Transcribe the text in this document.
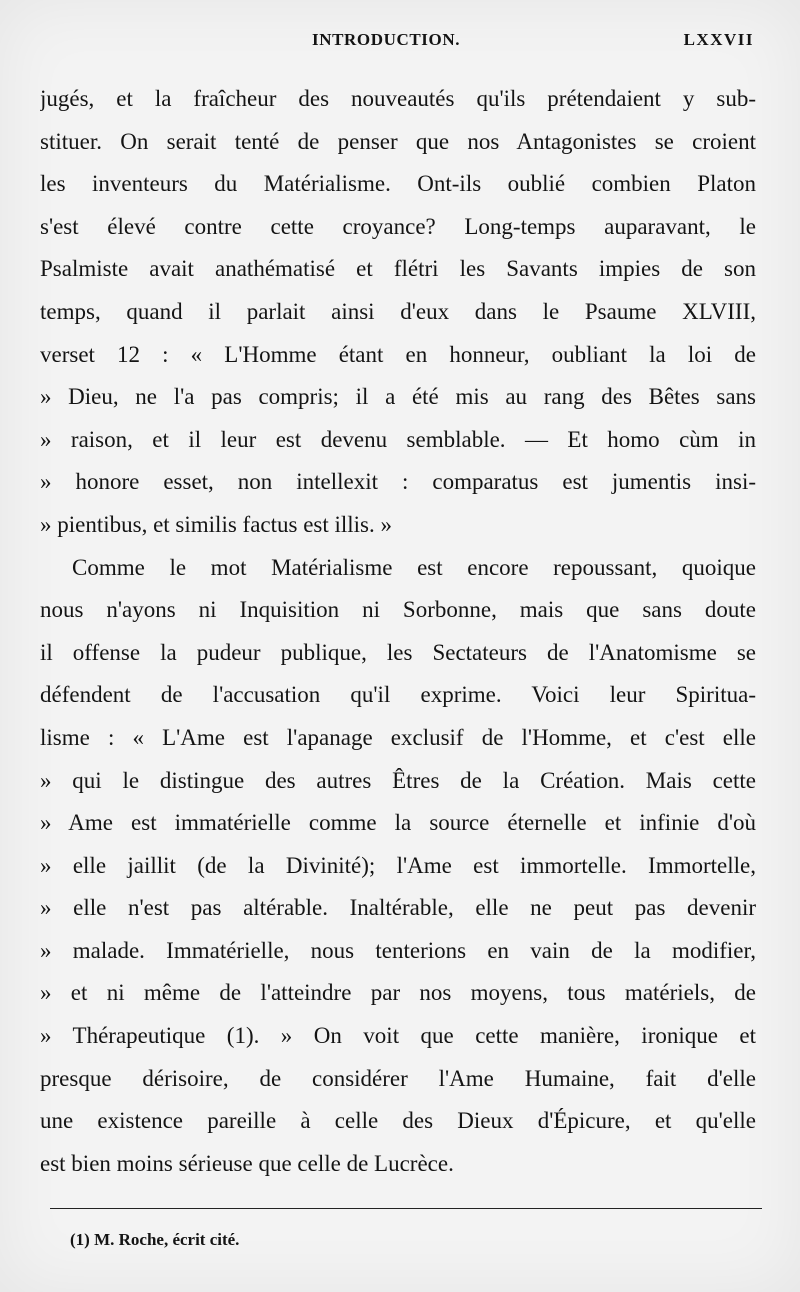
INTRODUCTION.	LXXVII
jugés, et la fraîcheur des nouveautés qu'ils prétendaient y sub-
stituer. On serait tenté de penser que nos Antagonistes se croient
les inventeurs du Matérialisme. Ont-ils oublié combien Platon
s'est élevé contre cette croyance? Long-temps auparavant, le
Psalmiste avait anathématisé et flétri les Savants impies de son
temps, quand il parlait ainsi d'eux dans le Psaume XLVIII,
verset 12 : « L'Homme étant en honneur, oubliant la loi de
» Dieu, ne l'a pas compris; il a été mis au rang des Bêtes sans
» raison, et il leur est devenu semblable. — Et homo cùm in
» honore esset, non intellexit : comparatus est jumentis insi-
» pientibus, et similis factus est illis. »
Comme le mot Matérialisme est encore repoussant, quoique
nous n'ayons ni Inquisition ni Sorbonne, mais que sans doute
il offense la pudeur publique, les Sectateurs de l'Anatomisme se
défendent de l'accusation qu'il exprime. Voici leur Spiritua-
lisme : « L'Ame est l'apanage exclusif de l'Homme, et c'est elle
» qui le distingue des autres Êtres de la Création. Mais cette
» Ame est immatérielle comme la source éternelle et infinie d'où
» elle jaillit (de la Divinité); l'Ame est immortelle. Immortelle,
» elle n'est pas altérable. Inaltérable, elle ne peut pas devenir
» malade. Immatérielle, nous tenterions en vain de la modifier,
» et ni même de l'atteindre par nos moyens, tous matériels, de
» Thérapeutique (1). » On voit que cette manière, ironique et
presque dérisoire, de considérer l'Ame Humaine, fait d'elle
une existence pareille à celle des Dieux d'Épicure, et qu'elle
est bien moins sérieuse que celle de Lucrèce.
(1) M. Roche, écrit cité.
